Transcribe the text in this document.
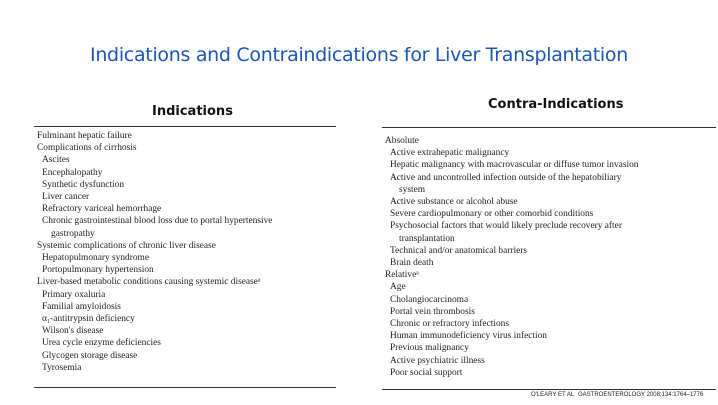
Indications and Contraindications for Liver Transplantation
Indications	Contra-Indications

Fulminant hepatic failure

Complications of cirrhosis

Ascites

Encephalopathy

Synthetic dysfunction

Liver cancer

Refractory variceal hemorrhage

Chronic gastrointestinal blood loss due to portal hypertensive

gastropathy

Systemic complications of chronic liver disease

Hepatopulmonary syndrome

Portopulmonary hypertension

Liver-based metabolic conditions causing systemic diseaseᵃ

Primary oxaluria

Familial amyloidosis

α₁-antitrypsin deficiency

Wilson's disease

Urea cycle enzyme deficiencies

Glycogen storage disease

Tyrosemia

Absolute

Active extrahepatic malignancy

Hepatic malignancy with macrovascular or diffuse tumor invasion

Active and uncontrolled infection outside of the hepatobiliary

system

Active substance or alcohol abuse

Severe cardiopulmonary or other comorbid conditions

Psychosocial factors that would likely preclude recovery after

transplantation

Technical and/or anatomical barriers

Brain death

Relativeᵃ

Age

Cholangiocarcinoma

Portal vein thrombosis

Chronic or refractory infections

Human immunodeficiency virus infection

Previous malignancy

Active psychiatric illness

Poor social support

O'LEARY ET AL GASTROENTEROLOGY 2008;134:1764–1776
